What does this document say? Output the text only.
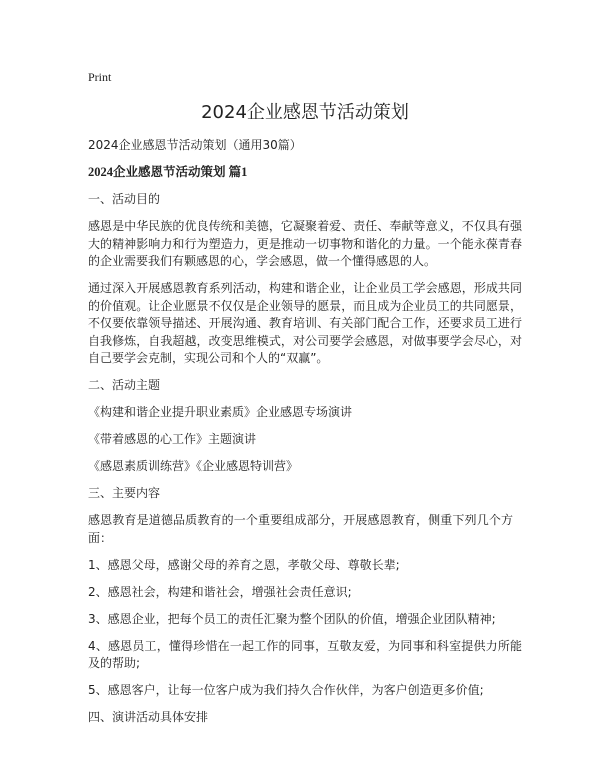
Print
2024企业感恩节活动策划

2024企业感恩节活动策划（通用30篇）

2024企业感恩节活动策划 篇1

一、活动目的

感恩是中华民族的优良传统和美德，它凝聚着爱、责任、奉献等意义，不仅具有强大的精神影响力和行为塑造力，更是推动一切事物和谐化的力量。一个能永葆青春的企业需要我们有颗感恩的心，学会感恩，做一个懂得感恩的人。

通过深入开展感恩教育系列活动，构建和谐企业，让企业员工学会感恩，形成共同的价值观。让企业愿景不仅仅是企业领导的愿景，而且成为企业员工的共同愿景，不仅要依靠领导描述、开展沟通、教育培训、有关部门配合工作，还要求员工进行自我修炼，自我超越，改变思维模式，对公司要学会感恩，对做事要学会尽心，对自己要学会克制，实现公司和个人的“双赢”。

二、活动主题

《构建和谐企业提升职业素质》企业感恩专场演讲

《带着感恩的心工作》主题演讲

《感恩素质训练营》《企业感恩特训营》

三、主要内容

感恩教育是道德品质教育的一个重要组成部分，开展感恩教育，侧重下列几个方面：

1、感恩父母，感谢父母的养育之恩，孝敬父母、尊敬长辈;

2、感恩社会，构建和谐社会，增强社会责任意识;

3、感恩企业，把每个员工的责任汇聚为整个团队的价值，增强企业团队精神;

4、感恩员工，懂得珍惜在一起工作的同事，互敬友爱，为同事和科室提供力所能及的帮助;

5、感恩客户，让每一位客户成为我们持久合作伙伴，为客户创造更多价值;

四、演讲活动具体安排
